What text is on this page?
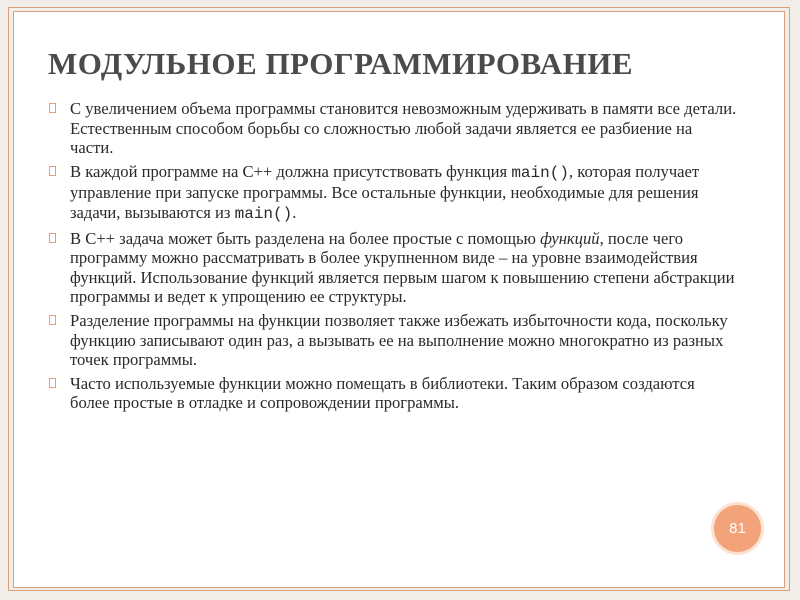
МОДУЛЬНОЕ ПРОГРАММИРОВАНИЕ
С увеличением объема программы становится невозможным удерживать в памяти все детали. Естественным способом борьбы со сложностью любой задачи является ее разбиение на части.
В каждой программе на С++ должна присутствовать функция main(), которая получает управление при запуске программы. Все остальные функции, необходимые для решения задачи, вызываются из main().
В С++ задача может быть разделена на более простые с помощью функций, после чего программу можно рассматривать в более укрупненном виде – на уровне взаимодействия функций. Использование функций является первым шагом к повышению степени абстракции программы и ведет к упрощению ее структуры.
Разделение программы на функции позволяет также избежать избыточности кода, поскольку функцию записывают один раз, а вызывать ее на выполнение можно многократно из разных точек программы.
Часто используемые функции можно помещать в библиотеки. Таким образом создаются более простые в отладке и сопровождении программы.
81
